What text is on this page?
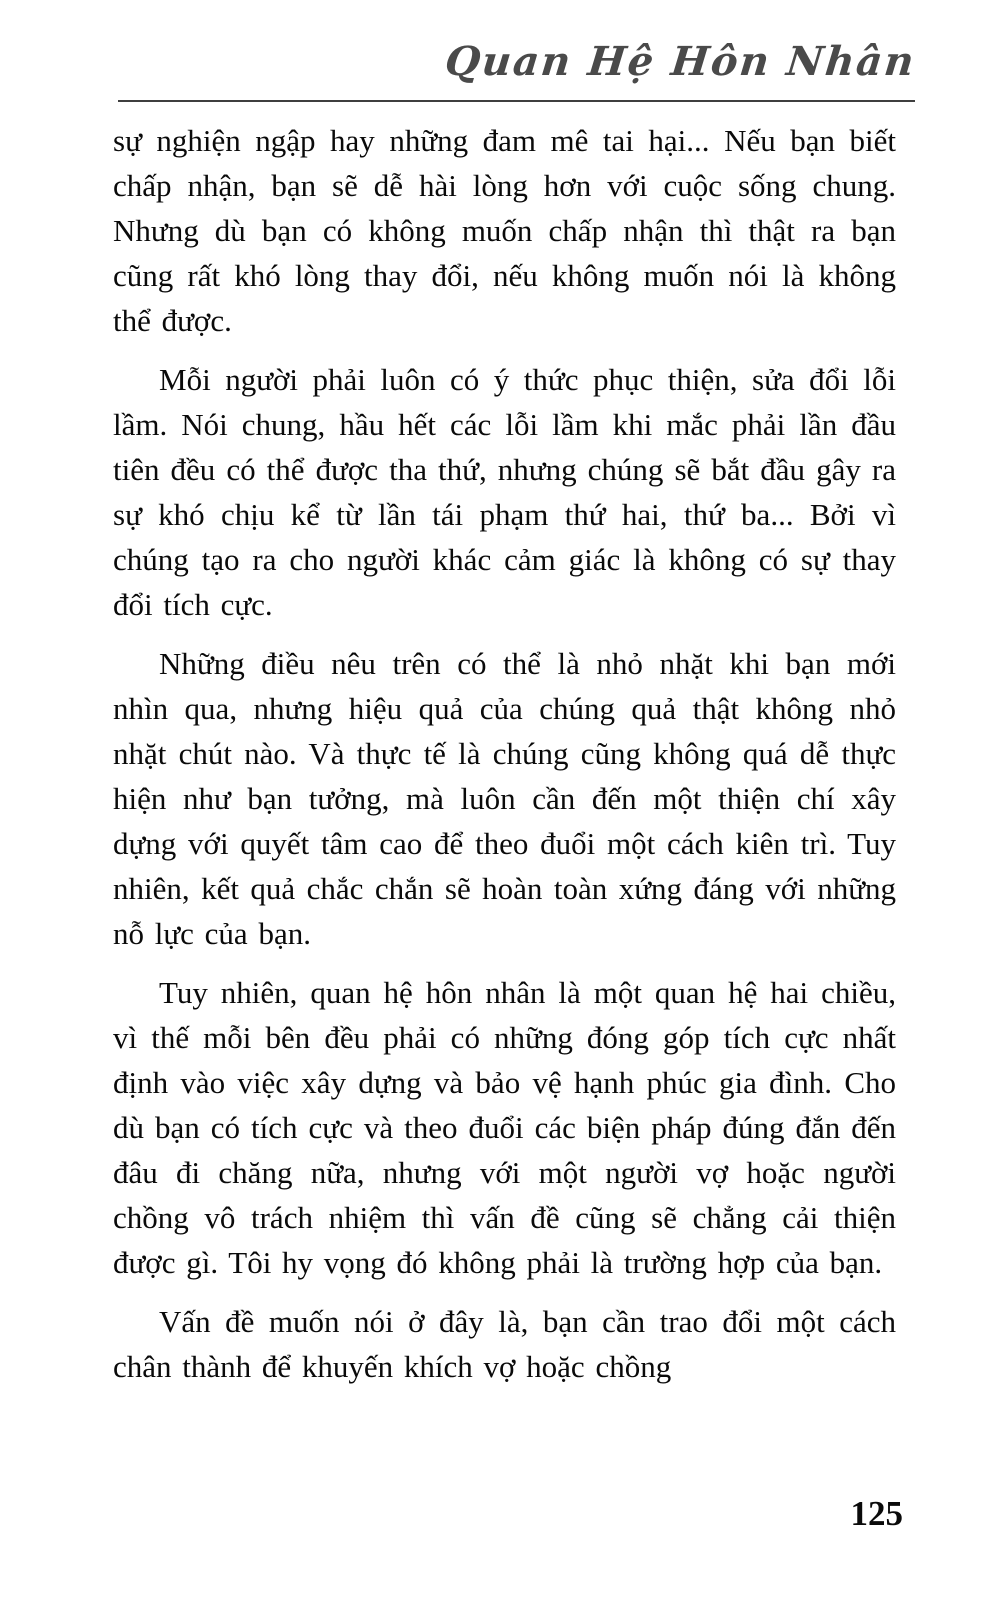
Quan Hệ Hôn Nhân

sự nghiện ngập hay những đam mê tai hại... Nếu bạn biết chấp nhận, bạn sẽ dễ hài lòng hơn với cuộc sống chung. Nhưng dù bạn có không muốn chấp nhận thì thật ra bạn cũng rất khó lòng thay đổi, nếu không muốn nói là không thể được.

Mỗi người phải luôn có ý thức phục thiện, sửa đổi lỗi lầm. Nói chung, hầu hết các lỗi lầm khi mắc phải lần đầu tiên đều có thể được tha thứ, nhưng chúng sẽ bắt đầu gây ra sự khó chịu kể từ lần tái phạm thứ hai, thứ ba... Bởi vì chúng tạo ra cho người khác cảm giác là không có sự thay đổi tích cực.

Những điều nêu trên có thể là nhỏ nhặt khi bạn mới nhìn qua, nhưng hiệu quả của chúng quả thật không nhỏ nhặt chút nào. Và thực tế là chúng cũng không quá dễ thực hiện như bạn tưởng, mà luôn cần đến một thiện chí xây dựng với quyết tâm cao để theo đuổi một cách kiên trì. Tuy nhiên, kết quả chắc chắn sẽ hoàn toàn xứng đáng với những nỗ lực của bạn.

Tuy nhiên, quan hệ hôn nhân là một quan hệ hai chiều, vì thế mỗi bên đều phải có những đóng góp tích cực nhất định vào việc xây dựng và bảo vệ hạnh phúc gia đình. Cho dù bạn có tích cực và theo đuổi các biện pháp đúng đắn đến đâu đi chăng nữa, nhưng với một người vợ hoặc người chồng vô trách nhiệm thì vấn đề cũng sẽ chẳng cải thiện được gì. Tôi hy vọng đó không phải là trường hợp của bạn.

Vấn đề muốn nói ở đây là, bạn cần trao đổi một cách chân thành để khuyến khích vợ hoặc chồng

125
